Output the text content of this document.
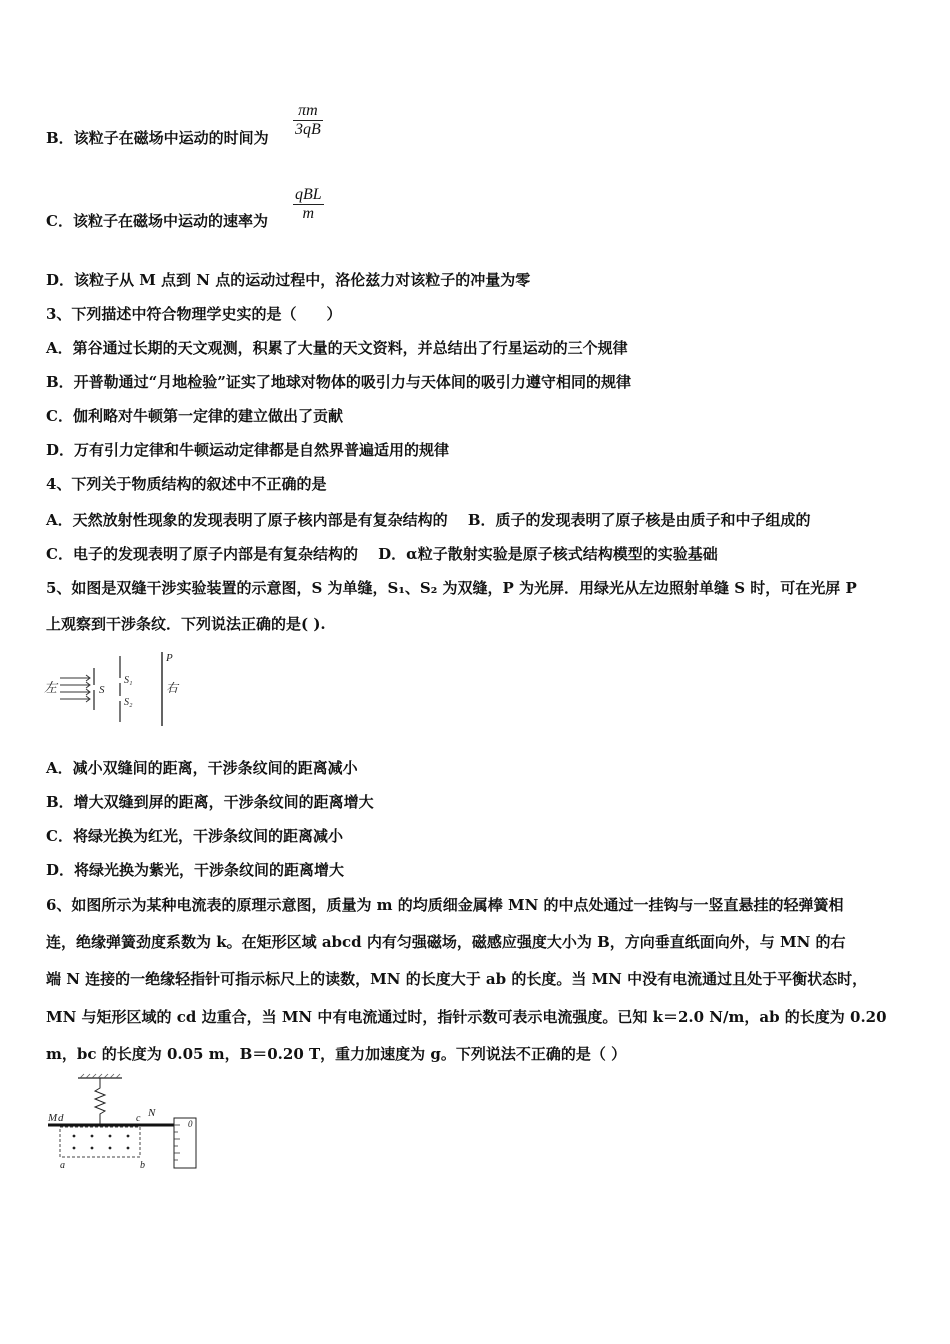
B．该粒子在磁场中运动的时间为 $\frac{\pi m}{3qB}$
C．该粒子在磁场中运动的速率为
qBL
m
D．该粒子从 M 点到 N 点的运动过程中，洛伦兹力对该粒子的冲量为零
3、下列描述中符合物理学史实的是（　　）
A．第谷通过长期的天文观测，积累了大量的天文资料，并总结出了行星运动的三个规律
B．开普勒通过“月地检验”证实了地球对物体的吸引力与天体间的吸引力遵守相同的规律
C．伽利略对牛顿第一定律的建立做出了贡献
D．万有引力定律和牛顿运动定律都是自然界普遍适用的规律
4、下列关于物质结构的叙述中不正确的是
A．天然放射性现象的发现表明了原子核内部是有复杂结构的　 B．质子的发现表明了原子核是由质子和中子组成的
C．电子的发现表明了原子内部是有复杂结构的　 D．α粒子散射实验是原子核式结构模型的实验基础
5、如图是双缝干涉实验装置的示意图，S 为单缝，S₁、S₂ 为双缝，P 为光屏．用绿光从左边照射单缝 S 时，可在光屏 P
上观察到干涉条纹．下列说法正确的是( ).
左	S
S₁
S₂
P
右
A．减小双缝间的距离，干涉条纹间的距离减小
B．增大双缝到屏的距离，干涉条纹间的距离增大
C．将绿光换为红光，干涉条纹间的距离减小
D．将绿光换为紫光，干涉条纹间的距离增大
6、如图所示为某种电流表的原理示意图，质量为 m 的均质细金属棒 MN 的中点处通过一挂钩与一竖直悬挂的轻弹簧相
连，绝缘弹簧劲度系数为 k。在矩形区域 abcd 内有匀强磁场，磁感应强度大小为 B，方向垂直纸面向外，与 MN 的右
端 N 连接的一绝缘轻指针可指示标尺上的读数，MN 的长度大于 ab 的长度。当 MN 中没有电流通过且处于平衡状态时，
MN 与矩形区域的 cd 边重合，当 MN 中有电流通过时，指针示数可表示电流强度。已知 k＝2.0 N/m，ab 的长度为 0.20
m，bc 的长度为 0.05 m，B＝0.20 T，重力加速度为 g。下列说法不正确的是（ ）
M d	c N
a	b
0
